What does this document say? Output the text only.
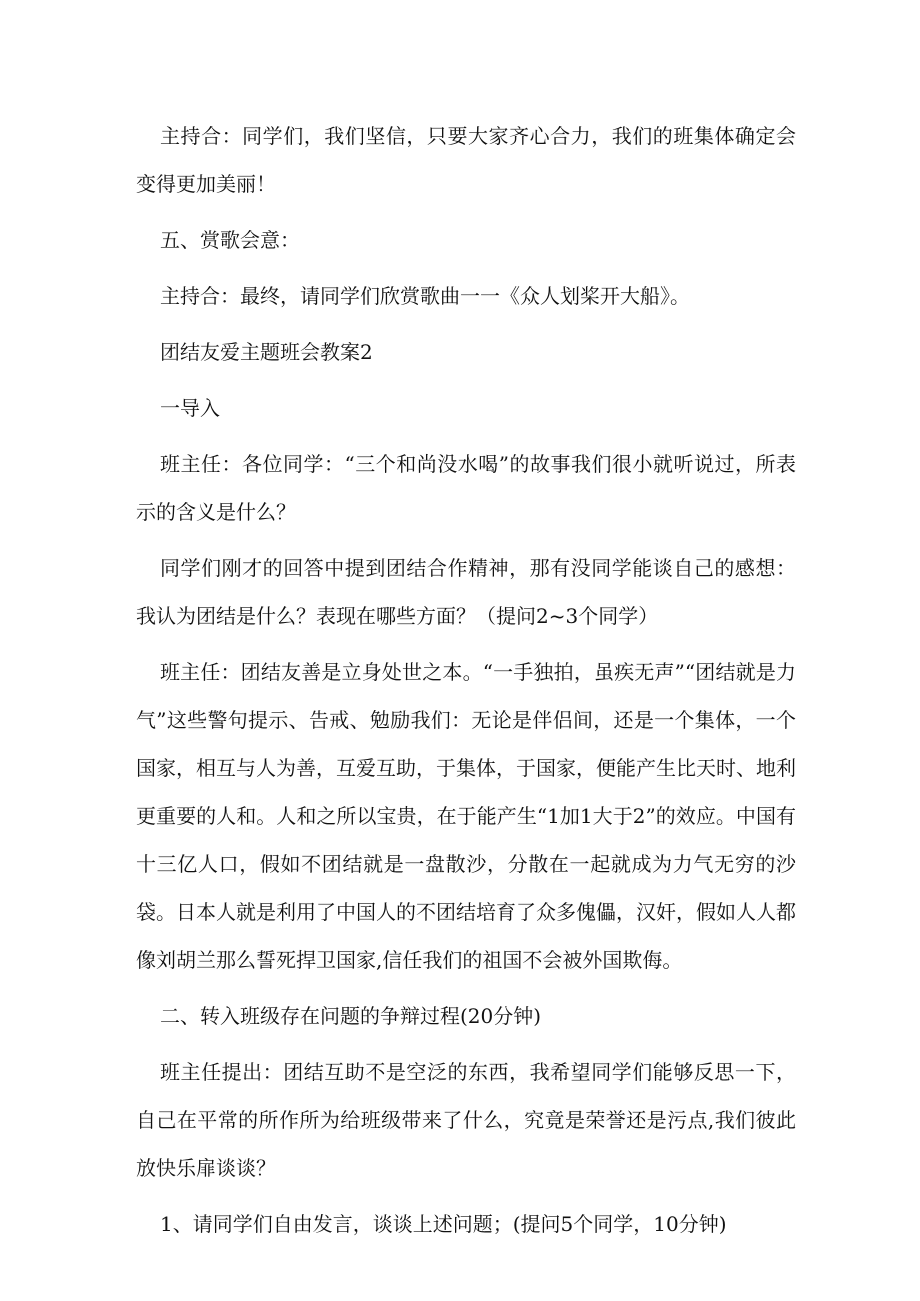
主持合：同学们，我们坚信，只要大家齐心合力，我们的班集体确定会变得更加美丽！

五、赏歌会意：

主持合：最终，请同学们欣赏歌曲一一《众人划桨开大船》。

团结友爱主题班会教案2

一导入

班主任：各位同学：“三个和尚没水喝”的故事我们很小就听说过，所表示的含义是什么？

同学们刚才的回答中提到团结合作精神，那有没同学能谈自己的感想：我认为团结是什么？表现在哪些方面？（提问2~3个同学）

班主任：团结友善是立身处世之本。“一手独拍，虽疾无声”“团结就是力气”这些警句提示、告戒、勉励我们：无论是伴侣间，还是一个集体，一个国家，相互与人为善，互爱互助，于集体，于国家，便能产生比天时、地利更重要的人和。人和之所以宝贵，在于能产生“1加1大于2”的效应。中国有十三亿人口，假如不团结就是一盘散沙，分散在一起就成为力气无穷的沙袋。日本人就是利用了中国人的不团结培育了众多傀儡，汉奸，假如人人都像刘胡兰那么誓死捍卫国家,信任我们的祖国不会被外国欺侮。

二、转入班级存在问题的争辩过程(20分钟)

班主任提出：团结互助不是空泛的东西，我希望同学们能够反思一下，自己在平常的所作所为给班级带来了什么，究竟是荣誉还是污点,我们彼此放快乐扉谈谈？

1、请同学们自由发言，谈谈上述问题；(提问5个同学，10分钟)
